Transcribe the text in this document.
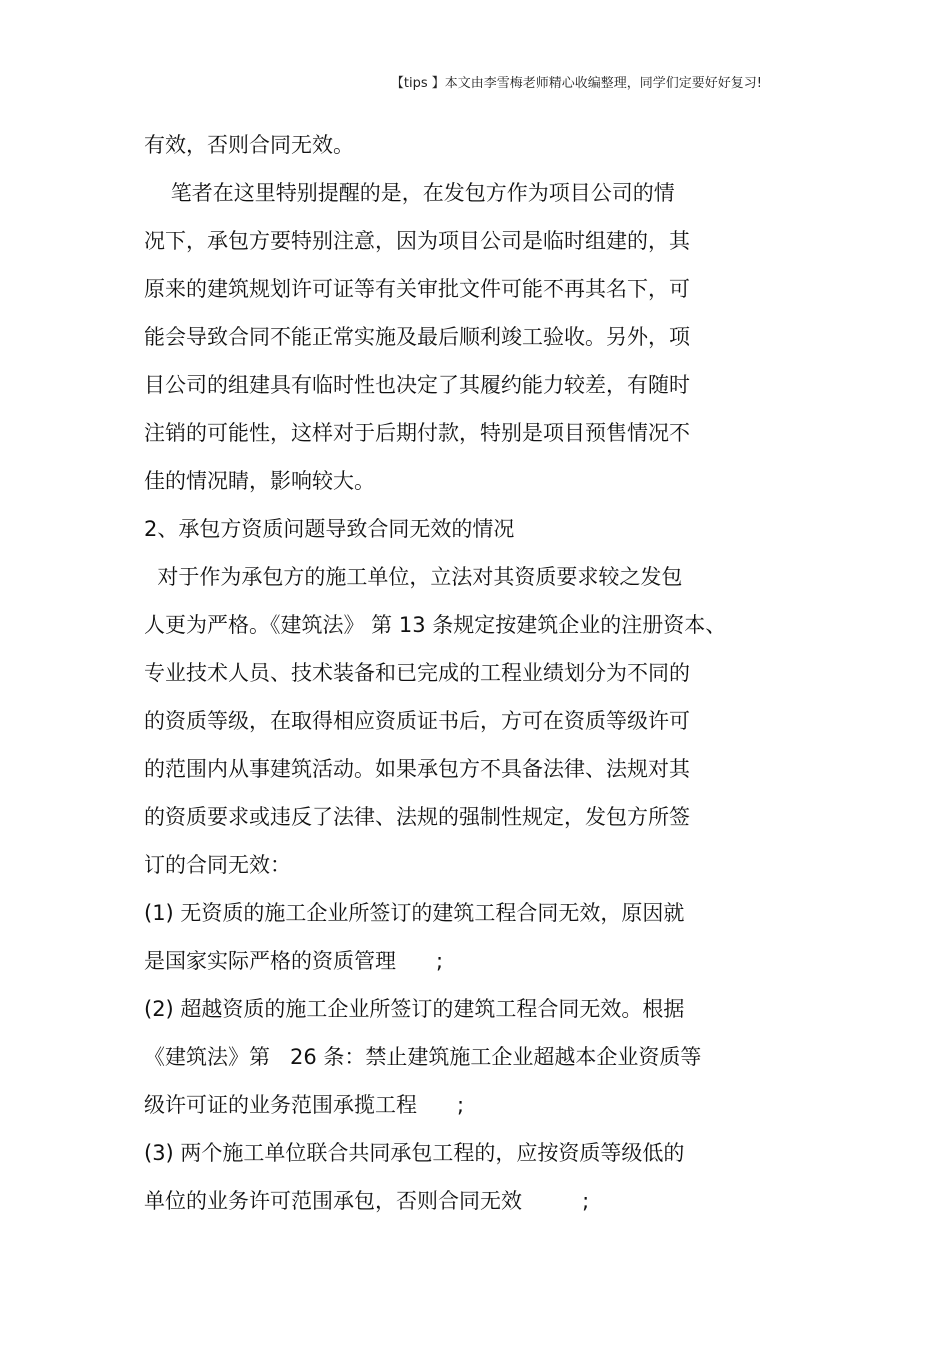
【tips 】本文由李雪梅老师精心收编整理，同学们定要好好复习!
有效，否则合同无效。
笔者在这里特别提醒的是，在发包方作为项目公司的情
况下，承包方要特别注意，因为项目公司是临时组建的，其
原来的建筑规划许可证等有关审批文件可能不再其名下，可
能会导致合同不能正常实施及最后顺利竣工验收。另外，项
目公司的组建具有临时性也决定了其履约能力较差，有随时
注销的可能性，这样对于后期付款，特别是项目预售情况不
佳的情况睛，影响较大。
2、承包方资质问题导致合同无效的情况
对于作为承包方的施工单位，立法对其资质要求较之发包
人更为严格。《建筑法》 第 13 条规定按建筑企业的注册资本、
专业技术人员、技术装备和已完成的工程业绩划分为不同的
的资质等级，在取得相应资质证书后，方可在资质等级许可
的范围内从事建筑活动。如果承包方不具备法律、法规对其
的资质要求或违反了法律、法规的强制性规定，发包方所签
订的合同无效：
(1) 无资质的施工企业所签订的建筑工程合同无效，原因就
是国家实际严格的资质管理      ;
(2) 超越资质的施工企业所签订的建筑工程合同无效。根据
《建筑法》第   26 条：禁止建筑施工企业超越本企业资质等
级许可证的业务范围承揽工程      ;
(3) 两个施工单位联合共同承包工程的，应按资质等级低的
单位的业务许可范围承包，否则合同无效         ;
